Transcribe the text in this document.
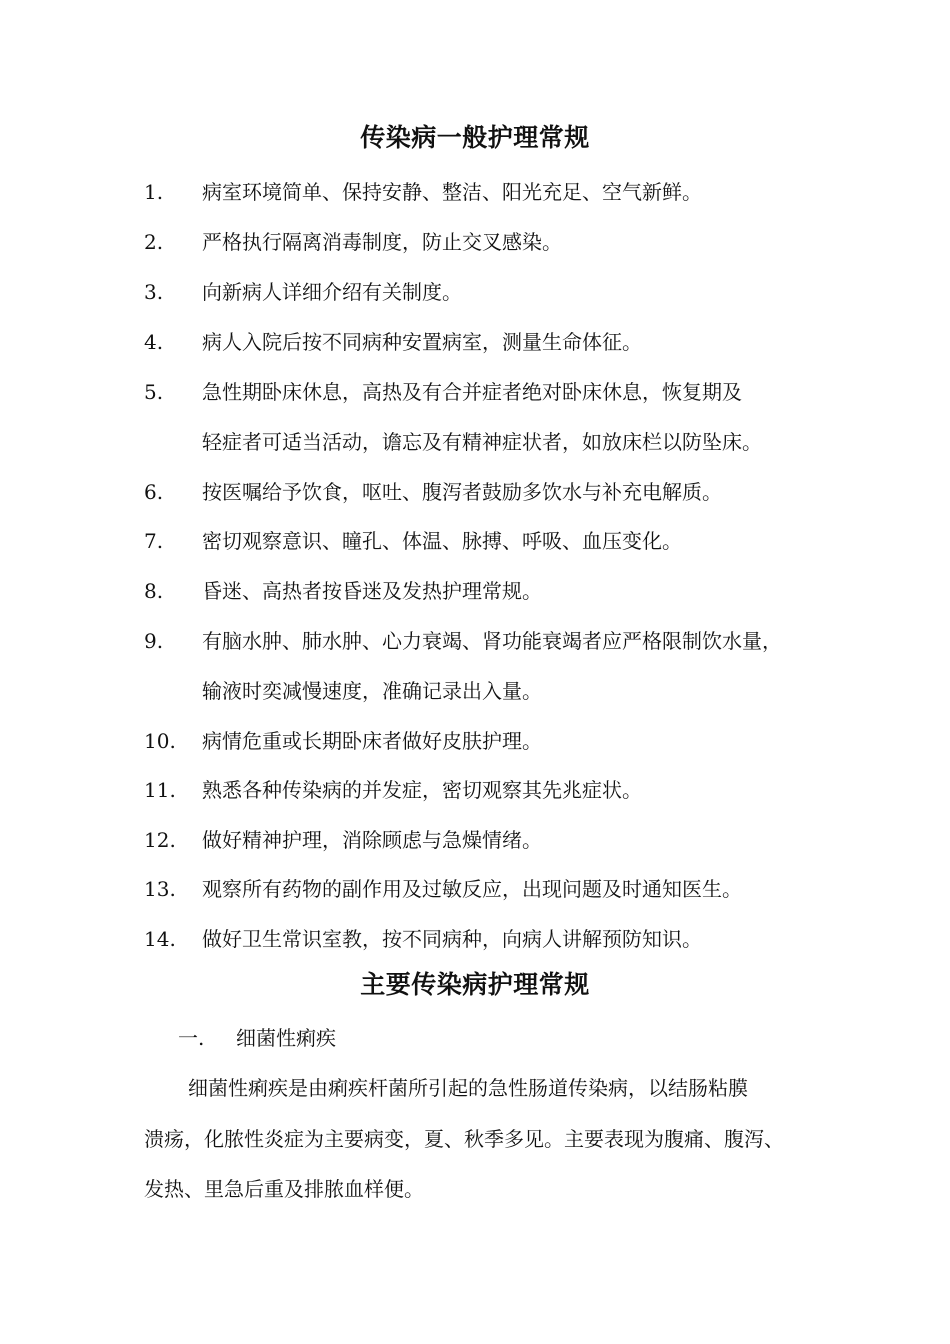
传染病一般护理常规
1.	病室环境简单、保持安静、整洁、阳光充足、空气新鲜。
2.	严格执行隔离消毒制度，防止交叉感染。
3.	向新病人详细介绍有关制度。
4.	病人入院后按不同病种安置病室，测量生命体征。
5.	急性期卧床休息，高热及有合并症者绝对卧床休息，恢复期及
轻症者可适当活动，谵忘及有精神症状者，如放床栏以防坠床。
6.	按医嘱给予饮食，呕吐、腹泻者鼓励多饮水与补充电解质。
7.	密切观察意识、瞳孔、体温、脉搏、呼吸、血压变化。
8.	昏迷、高热者按昏迷及发热护理常规。
9.	有脑水肿、肺水肿、心力衰竭、肾功能衰竭者应严格限制饮水量，
输液时奕减慢速度，准确记录出入量。
10.	病情危重或长期卧床者做好皮肤护理。
11.	熟悉各种传染病的并发症，密切观察其先兆症状。
12.	做好精神护理，消除顾虑与急燥情绪。
13.	观察所有药物的副作用及过敏反应，出现问题及时通知医生。
14.	做好卫生常识室教，按不同病种，向病人讲解预防知识。
主要传染病护理常规
一. 细菌性痢疾
细菌性痢疾是由痢疾杆菌所引起的急性肠道传染病，以结肠粘膜
溃疡，化脓性炎症为主要病变，夏、秋季多见。主要表现为腹痛、腹泻、
发热、里急后重及排脓血样便。
